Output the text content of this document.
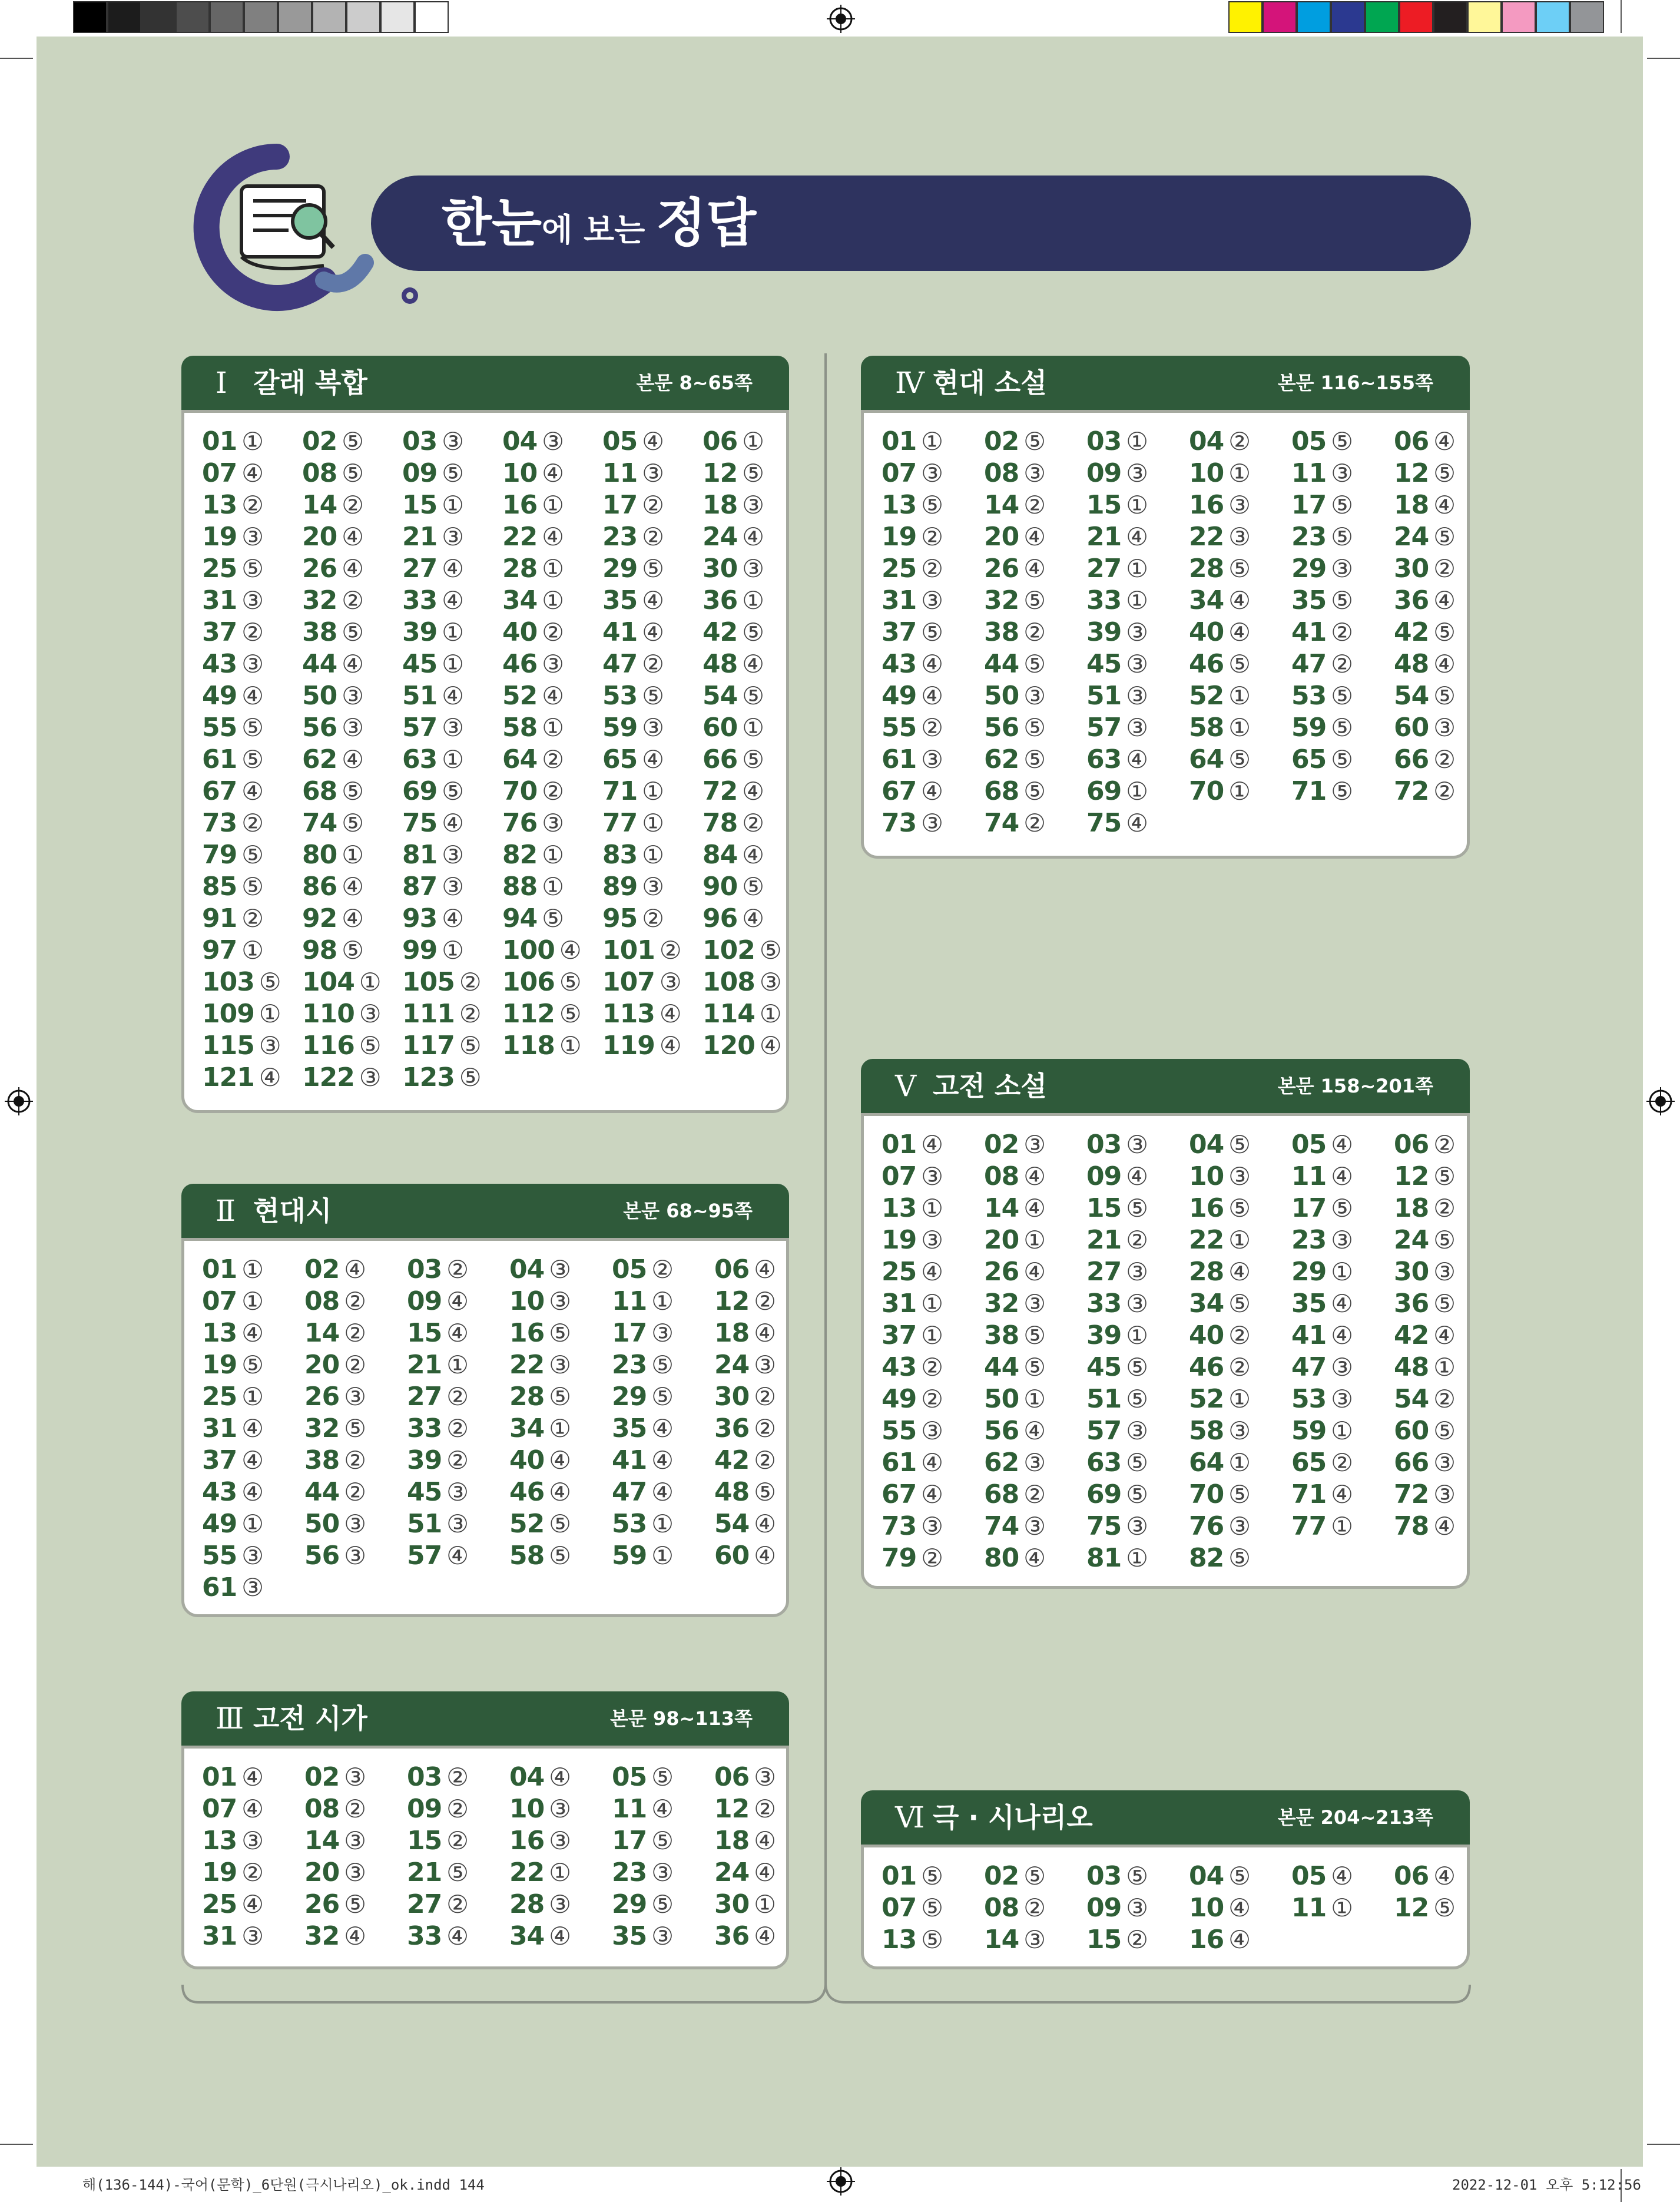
한눈에 보는 정답
Ⅰ 갈래 복합	본문 8~65쪽
01 ① 02 ⑤ 03 ③ 04 ③ 05 ④ 06 ①
07 ④ 08 ⑤ 09 ⑤ 10 ④ 11 ③ 12 ⑤
13 ② 14 ② 15 ① 16 ① 17 ② 18 ③
19 ③ 20 ④ 21 ③ 22 ④ 23 ② 24 ④
25 ⑤ 26 ④ 27 ④ 28 ① 29 ⑤ 30 ③
31 ③ 32 ② 33 ④ 34 ① 35 ④ 36 ①
37 ② 38 ⑤ 39 ① 40 ② 41 ④ 42 ⑤
43 ③ 44 ④ 45 ① 46 ③ 47 ② 48 ④
49 ④ 50 ③ 51 ④ 52 ④ 53 ⑤ 54 ⑤
55 ⑤ 56 ③ 57 ③ 58 ① 59 ③ 60 ①
61 ⑤ 62 ④ 63 ① 64 ② 65 ④ 66 ⑤
67 ④ 68 ⑤ 69 ⑤ 70 ② 71 ① 72 ④
73 ② 74 ⑤ 75 ④ 76 ③ 77 ① 78 ②
79 ⑤ 80 ① 81 ③ 82 ① 83 ① 84 ④
85 ⑤ 86 ④ 87 ③ 88 ① 89 ③ 90 ⑤
91 ② 92 ④ 93 ④ 94 ⑤ 95 ② 96 ④
97 ① 98 ⑤ 99 ① 100 ④ 101 ② 102 ⑤
103 ⑤ 104 ① 105 ② 106 ⑤ 107 ③ 108 ③
109 ① 110 ③ 111 ② 112 ⑤ 113 ④ 114 ①
115 ③ 116 ⑤ 117 ⑤ 118 ① 119 ④ 120 ④
121 ④ 122 ③ 123 ⑤
Ⅱ 현대시	본문 68~95쪽
01 ① 02 ④ 03 ② 04 ③ 05 ② 06 ④
07 ① 08 ② 09 ④ 10 ③ 11 ① 12 ②
13 ④ 14 ② 15 ④ 16 ⑤ 17 ③ 18 ④
19 ⑤ 20 ② 21 ① 22 ③ 23 ⑤ 24 ③
25 ① 26 ③ 27 ② 28 ⑤ 29 ⑤ 30 ②
31 ④ 32 ⑤ 33 ② 34 ① 35 ④ 36 ②
37 ④ 38 ② 39 ② 40 ④ 41 ④ 42 ②
43 ④ 44 ② 45 ③ 46 ④ 47 ④ 48 ⑤
49 ① 50 ③ 51 ③ 52 ⑤ 53 ① 54 ④
55 ③ 56 ③ 57 ④ 58 ⑤ 59 ① 60 ④
61 ③
Ⅲ 고전 시가	본문 98~113쪽
01 ④ 02 ③ 03 ② 04 ④ 05 ⑤ 06 ③
07 ④ 08 ② 09 ② 10 ③ 11 ④ 12 ②
13 ③ 14 ③ 15 ② 16 ③ 17 ⑤ 18 ④
19 ② 20 ③ 21 ⑤ 22 ① 23 ③ 24 ④
25 ④ 26 ⑤ 27 ② 28 ③ 29 ⑤ 30 ①
31 ③ 32 ④ 33 ④ 34 ④ 35 ③ 36 ④
Ⅳ 현대 소설	본문 116~155쪽
01 ① 02 ⑤ 03 ① 04 ② 05 ⑤ 06 ④
07 ③ 08 ③ 09 ③ 10 ① 11 ③ 12 ⑤
13 ⑤ 14 ② 15 ① 16 ③ 17 ⑤ 18 ④
19 ② 20 ④ 21 ④ 22 ③ 23 ⑤ 24 ⑤
25 ② 26 ④ 27 ① 28 ⑤ 29 ③ 30 ②
31 ③ 32 ⑤ 33 ① 34 ④ 35 ⑤ 36 ④
37 ⑤ 38 ② 39 ③ 40 ④ 41 ② 42 ⑤
43 ④ 44 ⑤ 45 ③ 46 ⑤ 47 ② 48 ④
49 ④ 50 ③ 51 ③ 52 ① 53 ⑤ 54 ⑤
55 ② 56 ⑤ 57 ③ 58 ① 59 ⑤ 60 ③
61 ③ 62 ⑤ 63 ④ 64 ⑤ 65 ⑤ 66 ②
67 ④ 68 ⑤ 69 ① 70 ① 71 ⑤ 72 ②
73 ③ 74 ② 75 ④
Ⅴ 고전 소설	본문 158~201쪽
01 ④ 02 ③ 03 ③ 04 ⑤ 05 ④ 06 ②
07 ③ 08 ④ 09 ④ 10 ③ 11 ④ 12 ⑤
13 ① 14 ④ 15 ⑤ 16 ⑤ 17 ⑤ 18 ②
19 ③ 20 ① 21 ② 22 ① 23 ③ 24 ⑤
25 ④ 26 ④ 27 ③ 28 ④ 29 ① 30 ③
31 ① 32 ③ 33 ③ 34 ⑤ 35 ④ 36 ⑤
37 ① 38 ⑤ 39 ① 40 ② 41 ④ 42 ④
43 ② 44 ⑤ 45 ⑤ 46 ② 47 ③ 48 ①
49 ② 50 ① 51 ⑤ 52 ① 53 ③ 54 ②
55 ③ 56 ④ 57 ③ 58 ③ 59 ① 60 ⑤
61 ④ 62 ③ 63 ⑤ 64 ① 65 ② 66 ③
67 ④ 68 ② 69 ⑤ 70 ⑤ 71 ④ 72 ③
73 ③ 74 ③ 75 ③ 76 ③ 77 ① 78 ④
79 ② 80 ④ 81 ① 82 ⑤
Ⅵ 극 · 시나리오	본문 204~213쪽
01 ⑤ 02 ⑤ 03 ⑤ 04 ⑤ 05 ④ 06 ④
07 ⑤ 08 ② 09 ③ 10 ④ 11 ① 12 ⑤
13 ⑤ 14 ③ 15 ② 16 ④
해(136-144)-국어(문학)_6단원(극시나리오)_ok.indd 144	2022-12-01 오후 5:12:56
